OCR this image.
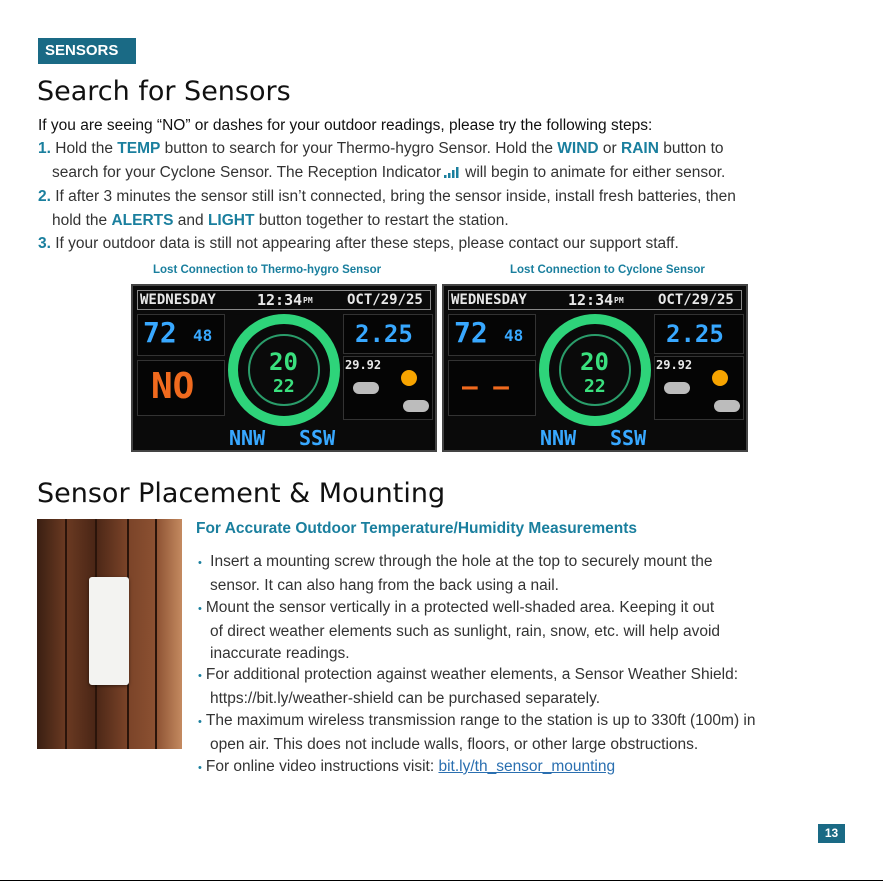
SENSORS
Search for Sensors
If you are seeing “NO” or dashes for your outdoor readings, please try the following steps:
1. Hold the TEMP button to search for your Thermo-hygro Sensor. Hold the WIND or RAIN button to
search for your Cyclone Sensor. The Reception Indicator will begin to animate for either sensor.
2. If after 3 minutes the sensor still isn’t connected, bring the sensor inside, install fresh batteries, then
hold the ALERTS and LIGHT button together to restart the station.
3. If your outdoor data is still not appearing after these steps, please contact our support staff.
Lost Connection to Thermo-hygro Sensor	Lost Connection to Cyclone Sensor
WEDNESDAY	12:34 PM OCT/29/25
72 48
NO
20
22
2.25
29.92
NNW SSW
WEDNESDAY	12:34 PM OCT/29/25
72 48
– –
20
22
2.25
29.92
NNW SSW
Sensor Placement & Mounting
For Accurate Outdoor Temperature/Humidity Measurements
• Insert a mounting screw through the hole at the top to securely mount the
sensor. It can also hang from the back using a nail.
• Mount the sensor vertically in a protected well-shaded area. Keeping it out
of direct weather elements such as sunlight, rain, snow, etc. will help avoid
inaccurate readings.
• For additional protection against weather elements, a Sensor Weather Shield:
https://bit.ly/weather-shield can be purchased separately.
• The maximum wireless transmission range to the station is up to 330ft (100m) in
open air. This does not include walls, floors, or other large obstructions.
• For online video instructions visit: bit.ly/th_sensor_mounting
13
